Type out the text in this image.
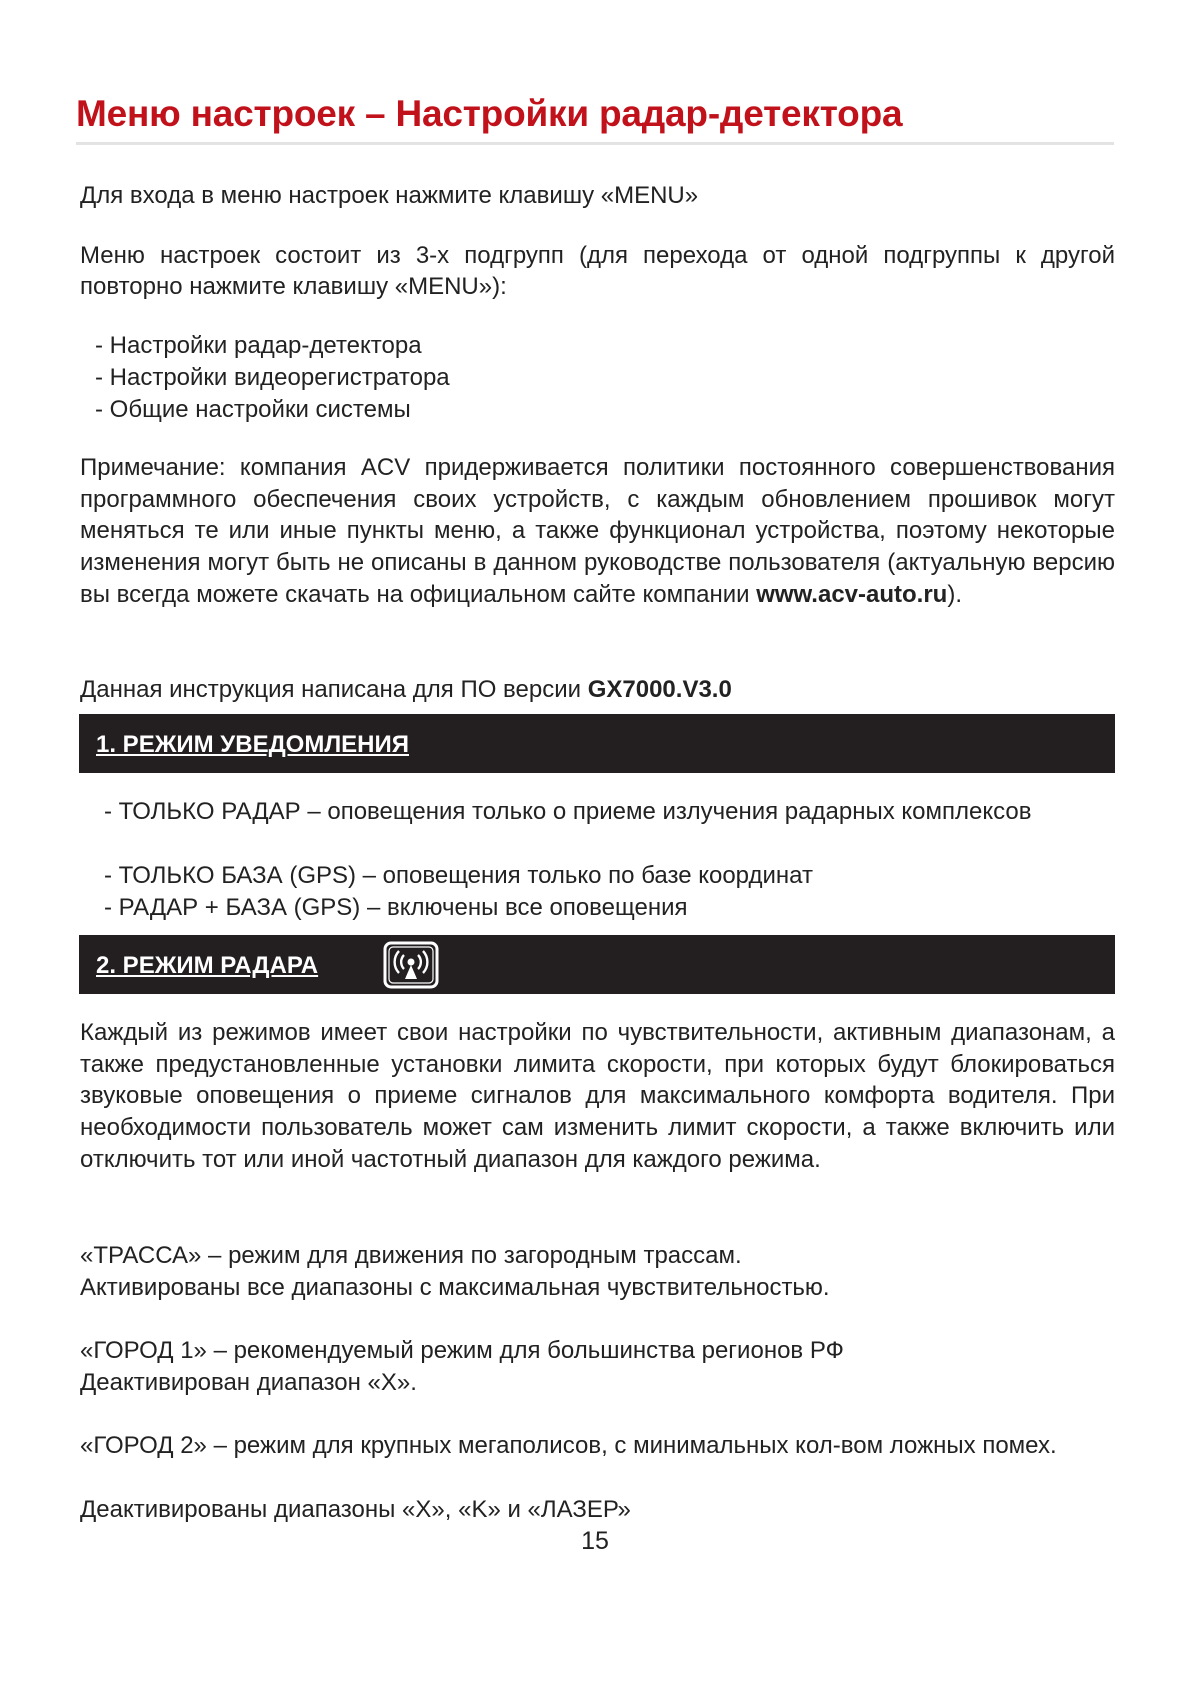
Меню настроек – Настройки радар-детектора

Для входа в меню настроек нажмите клавишу «MENU»

Меню настроек состоит из 3-х подгрупп (для перехода от одной подгруппы к другой

повторно нажмите клавишу «MENU»):

- Настройки радар-детектора

- Настройки видеорегистратора

- Общие настройки системы

Примечание: компания ACV придерживается политики постоянного совершенствования программного обеспечения своих устройств, с каждым обновлением прошивок могут меняться те или иные пункты меню, а также функционал устройства, поэтому некоторые изменения могут быть не описаны в данном руководстве пользователя (актуальную версию вы всегда можете скачать на официальном сайте компании www.acv-auto.ru).

Данная инструкция написана для ПО версии GX7000.V3.0

1. РЕЖИМ УВЕДОМЛЕНИЯ

- ТОЛЬКО РАДАР – оповещения только о приеме излучения радарных комплексов

- ТОЛЬКО БАЗА (GPS) – оповещения только по базе координат

- РАДАР + БАЗА (GPS) – включены все оповещения

2. РЕЖИМ РАДАРА

Каждый из режимов имеет свои настройки по чувствительности, активным диапазонам, а также предустановленные установки лимита скорости, при которых будут блокироваться звуковые оповещения о приеме сигналов для максимального комфорта водителя. При необходимости пользователь может сам изменить лимит скорости, а также включить или отключить тот или иной частотный диапазон для каждого режима.

«ТРАССА» – режим для движения по загородным трассам.

Активированы все диапазоны с максимальная чувствительностью.

«ГОРОД 1» – рекомендуемый режим для большинства регионов РФ

Деактивирован диапазон «X».

«ГОРОД 2» – режим для крупных мегаполисов, с минимальных кол-вом ложных помех.

Деактивированы диапазоны «X», «K» и «ЛАЗЕР»

15
